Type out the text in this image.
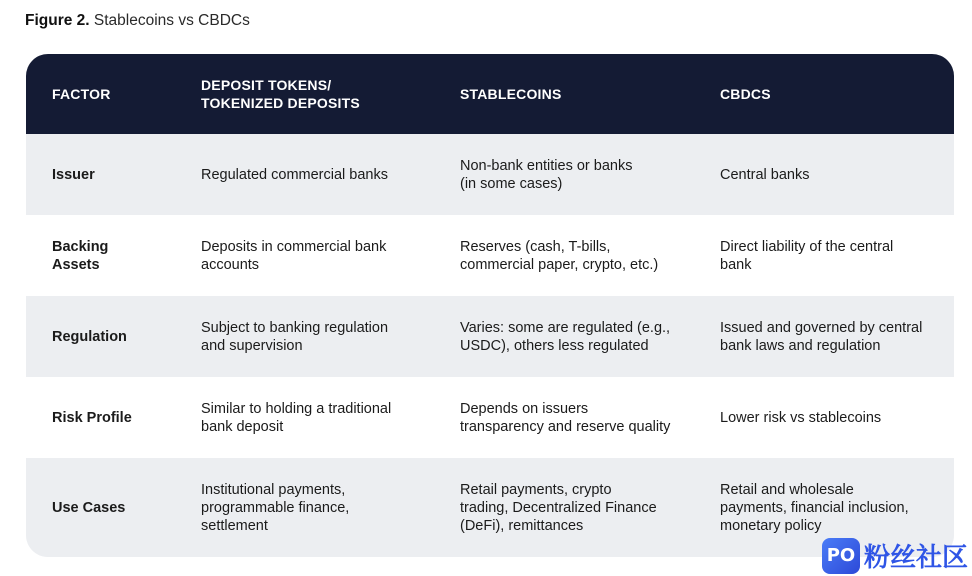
Figure 2. Stablecoins vs CBDCs
FACTOR
DEPOSIT TOKENS/
TOKENIZED DEPOSITS
STABLECOINS	CBDCS
Issuer	Regulated commercial banks
Non-bank entities or banks
(in some cases)
Central banks
Backing
Assets
Deposits in commercial bank
accounts
Reserves (cash, T-bills,
commercial paper, crypto, etc.)
Direct liability of the central
bank
Regulation
Subject to banking regulation
and supervision
Varies: some are regulated (e.g.,
USDC), others less regulated
Issued and governed by central
bank laws and regulation
Risk Profile
Similar to holding a traditional
bank deposit
Depends on issuers
transparency and reserve quality
Lower risk vs stablecoins
Use Cases
Institutional payments,
programmable finance,
settlement
Retail payments, crypto
trading, Decentralized Finance
(DeFi), remittances
Retail and wholesale
payments, financial inclusion,
monetary policy
PO 粉丝社区
